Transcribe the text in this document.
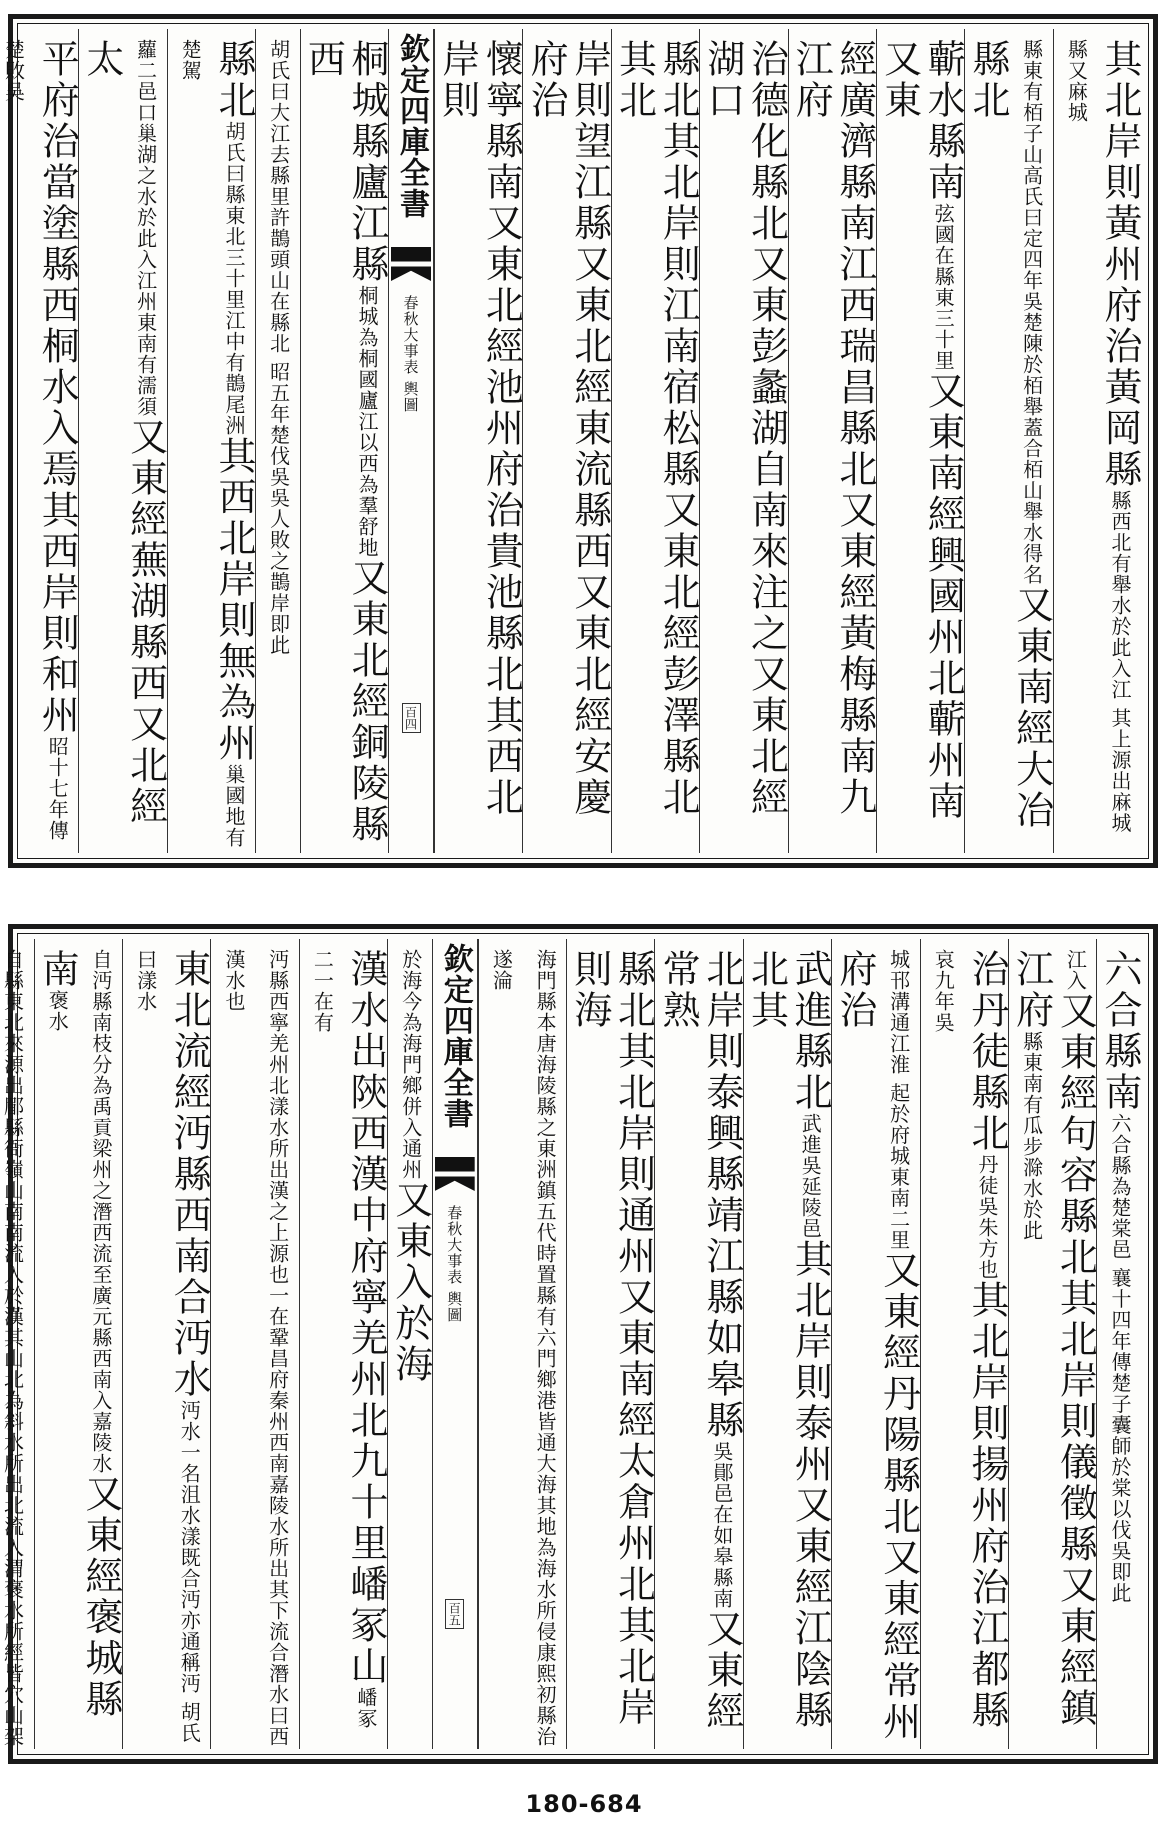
其北岸則黃州府治黃岡縣縣西北有舉水於此入江 其上源出麻城縣又麻城
縣東有栢子山高氏曰定四年吳楚陳於栢舉蓋合栢山舉水得名又東南經大冶縣北
蘄水縣南弦國在縣東三十里又東南經興國州北蘄州南又東
經廣濟縣南江西瑞昌縣北又東經黃梅縣南九江府
治德化縣北又東彭蠡湖自南來注之又東北經湖口
縣北其北岸則江南宿松縣又東北經彭澤縣北其北
岸則望江縣又東北經東流縣西又東北經安慶府治
懷寧縣南又東北經池州府治貴池縣北其西北岸則
欽定四庫全書
春秋大事表 輿圖
百四
桐城縣廬江縣桐城為桐國廬江以西為羣舒地又東北經銅陵縣西
胡氏曰大江去縣里許鵲頭山在縣北 昭五年楚伐吳吳人敗之鵲岸即此
縣北胡氏曰縣東北三十里江中有鵲尾洲其西北岸則無為州巢國地有楚駕
蘿二邑口巢湖之水於此入江州東南有濡須又東經蕪湖縣西又北經太
平府治當塗縣西桐水入焉其西岸則和州昭十七年傳楚敗吳
六合縣南六合縣為楚棠邑 襄十四年傳楚子囊師於棠以伐吳即此
江入又東經句容縣北其北岸則儀徵縣又東經鎮江府縣東南有瓜步滁水於此
治丹徒縣北丹徒吳朱方也其北岸則揚州府治江都縣哀九年吳
城邗溝通江淮 起於府城東南二里又東經丹陽縣北又東經常州府治
武進縣北武進吳延陵邑其北岸則泰州又東經江陰縣北其
北岸則泰興縣靖江縣如皋縣吳鄖邑在如皋縣南又東經常熟
縣北其北岸則通州又東南經太倉州北其北岸則海
海門縣本唐海陵縣之東洲鎮五代時置縣有六門鄉港皆通大海其地為海水所侵康熙初縣治遂淪
欽定四庫全書
春秋大事表 輿圖
百五
於海今為海門鄉併入通州又東入於海
漢水出陝西漢中府寧羌州北九十里嶓冢山嶓冢二一在有
沔縣西寧羌州北漾水所出漢之上源也一在鞏昌府秦州西南嘉陵水所出其下流合潛水曰西漢水也
東北流經沔縣西南合沔水沔水一名沮水漾既合沔亦通稱沔 胡氏曰漾水
自沔縣南枝分為禹貢梁州之潛西流至廣元縣西南入嘉陵水又東經褒城縣南褒水
自縣東北來源出郿縣衙嶺山南南流入於漢其山北為斜水所出北流入渭褒水所經皆穴山架
180-684
